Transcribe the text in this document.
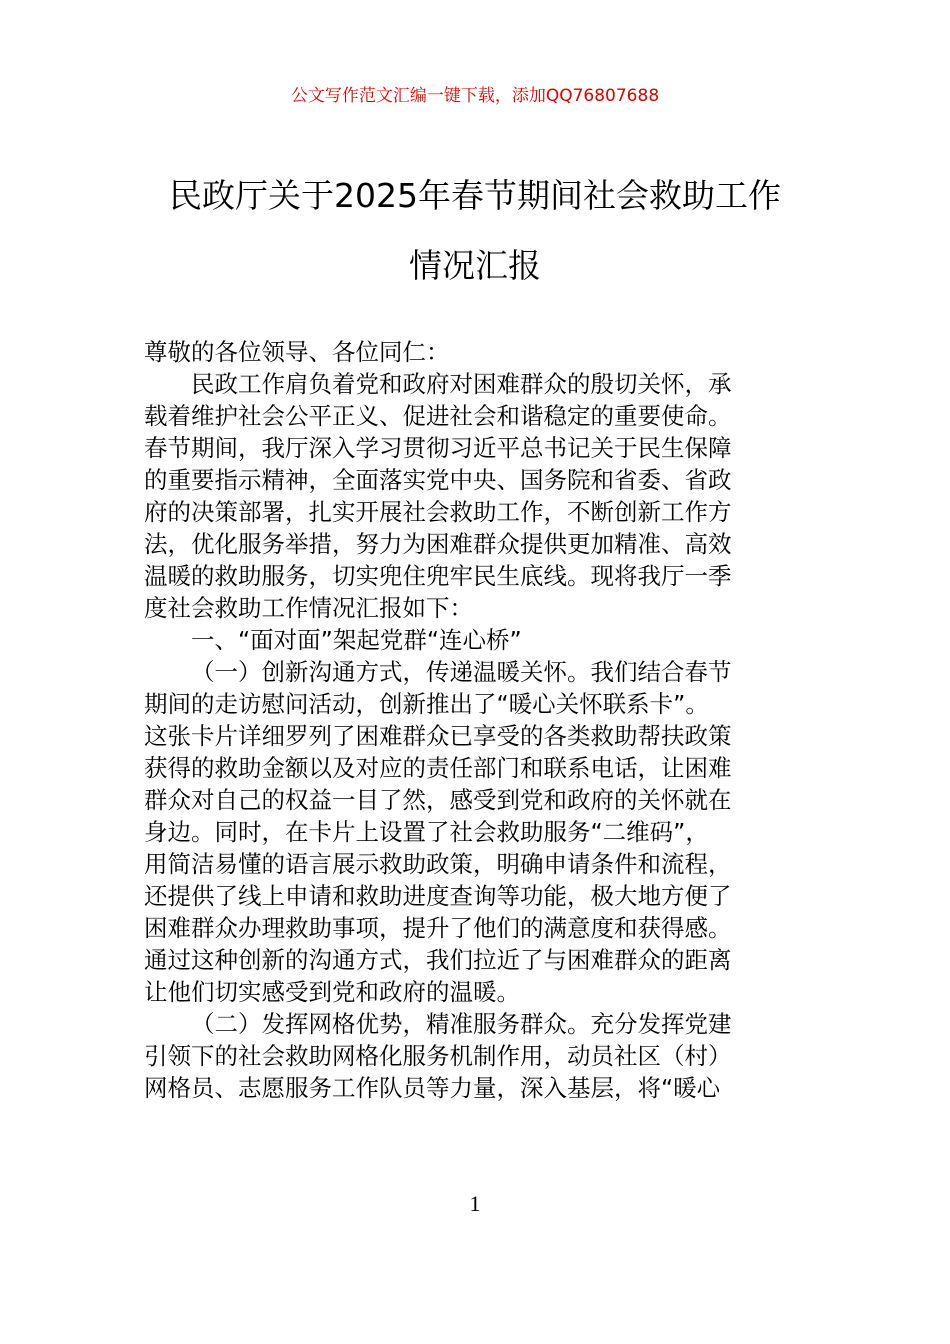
公文写作范文汇编一键下载，添加QQ76807688
民政厅关于2025年春节期间社会救助工作
情况汇报
尊敬的各位领导、各位同仁：
民政工作肩负着党和政府对困难群众的殷切关怀，承
载着维护社会公平正义、促进社会和谐稳定的重要使命。
春节期间，我厅深入学习贯彻习近平总书记关于民生保障
的重要指示精神，全面落实党中央、国务院和省委、省政
府的决策部署，扎实开展社会救助工作，不断创新工作方
法，优化服务举措，努力为困难群众提供更加精准、高效
温暖的救助服务，切实兜住兜牢民生底线。现将我厅一季
度社会救助工作情况汇报如下：
一、“面对面”架起党群“连心桥”
（一）创新沟通方式，传递温暖关怀。我们结合春节
期间的走访慰问活动，创新推出了“暖心关怀联系卡”。
这张卡片详细罗列了困难群众已享受的各类救助帮扶政策
获得的救助金额以及对应的责任部门和联系电话，让困难
群众对自己的权益一目了然，感受到党和政府的关怀就在
身边。同时，在卡片上设置了社会救助服务“二维码”，
用简洁易懂的语言展示救助政策，明确申请条件和流程，
还提供了线上申请和救助进度查询等功能，极大地方便了
困难群众办理救助事项，提升了他们的满意度和获得感。
通过这种创新的沟通方式，我们拉近了与困难群众的距离
让他们切实感受到党和政府的温暖。
（二）发挥网格优势，精准服务群众。充分发挥党建
引领下的社会救助网格化服务机制作用，动员社区（村）
网格员、志愿服务工作队员等力量，深入基层，将“暖心
1
